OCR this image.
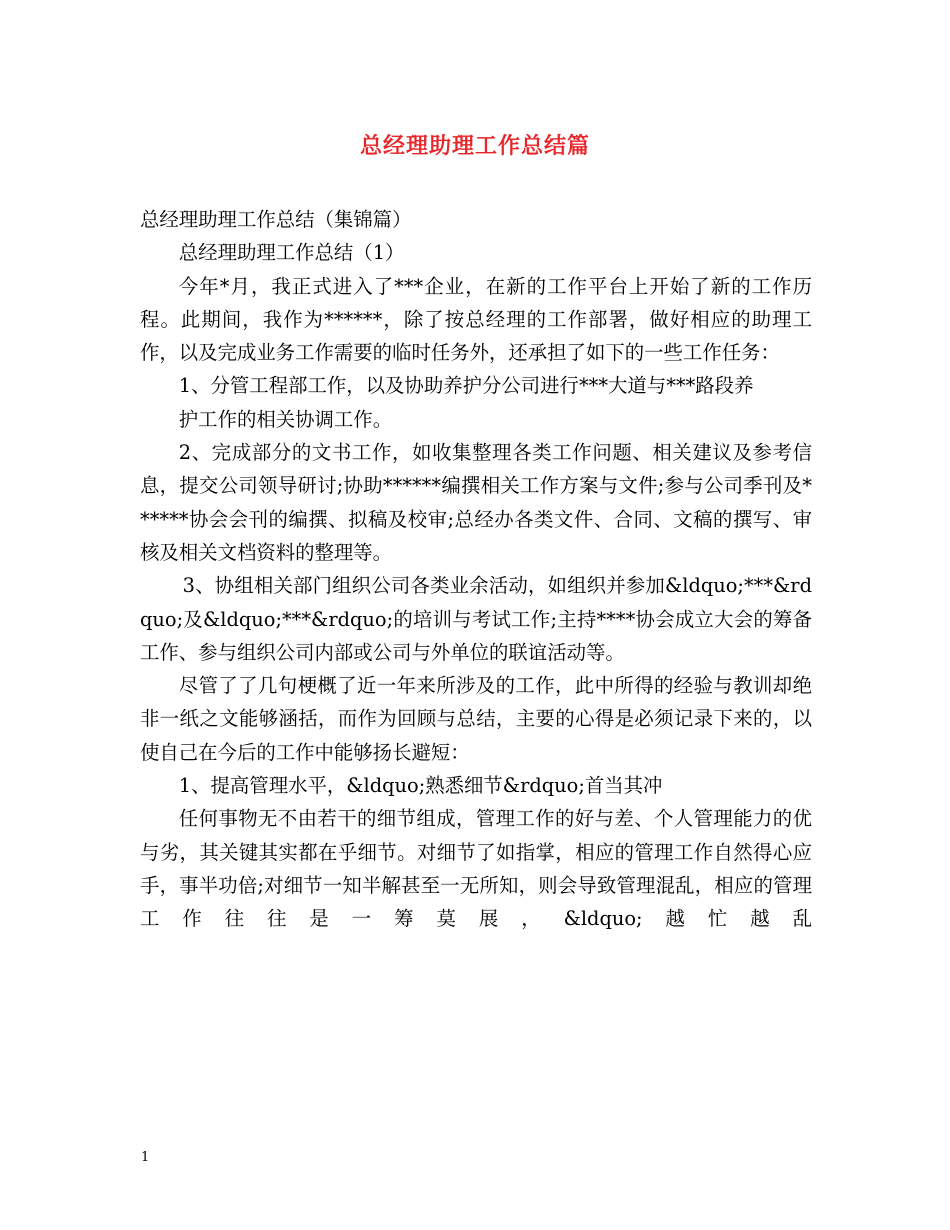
总经理助理工作总结篇

总经理助理工作总结（集锦篇）

总经理助理工作总结（1）

今年*月，我正式进入了***企业，在新的工作平台上开始了新的工作历程。此期间，我作为******，除了按总经理的工作部署，做好相应的助理工作，以及完成业务工作需要的临时任务外，还承担了如下的一些工作任务：

1、分管工程部工作，以及协助养护分公司进行***大道与***路段养

护工作的相关协调工作。

2、完成部分的文书工作，如收集整理各类工作问题、相关建议及参考信息，提交公司领导研讨;协助******编撰相关工作方案与文件;参与公司季刊及******协会会刊的编撰、拟稿及校审;总经办各类文件、合同、文稿的撰写、审核及相关文档资料的整理等。

3、协组相关部门组织公司各类业余活动，如组织并参加&ldquo;***&rdquo;及&ldquo;***&rdquo;的培训与考试工作;主持****协会成立大会的筹备工作、参与组织公司内部或公司与外单位的联谊活动等。

尽管了了几句梗概了近一年来所涉及的工作，此中所得的经验与教训却绝非一纸之文能够涵括，而作为回顾与总结，主要的心得是必须记录下来的，以使自己在今后的工作中能够扬长避短：

1、提高管理水平，&ldquo;熟悉细节&rdquo;首当其冲

任何事物无不由若干的细节组成，管理工作的好与差、个人管理能力的优与劣，其关键其实都在乎细节。对细节了如指掌，相应的管理工作自然得心应手，事半功倍;对细节一知半解甚至一无所知，则会导致管理混乱，相应的管理工作往往是一筹莫展，&ldquo;越忙越乱

1
